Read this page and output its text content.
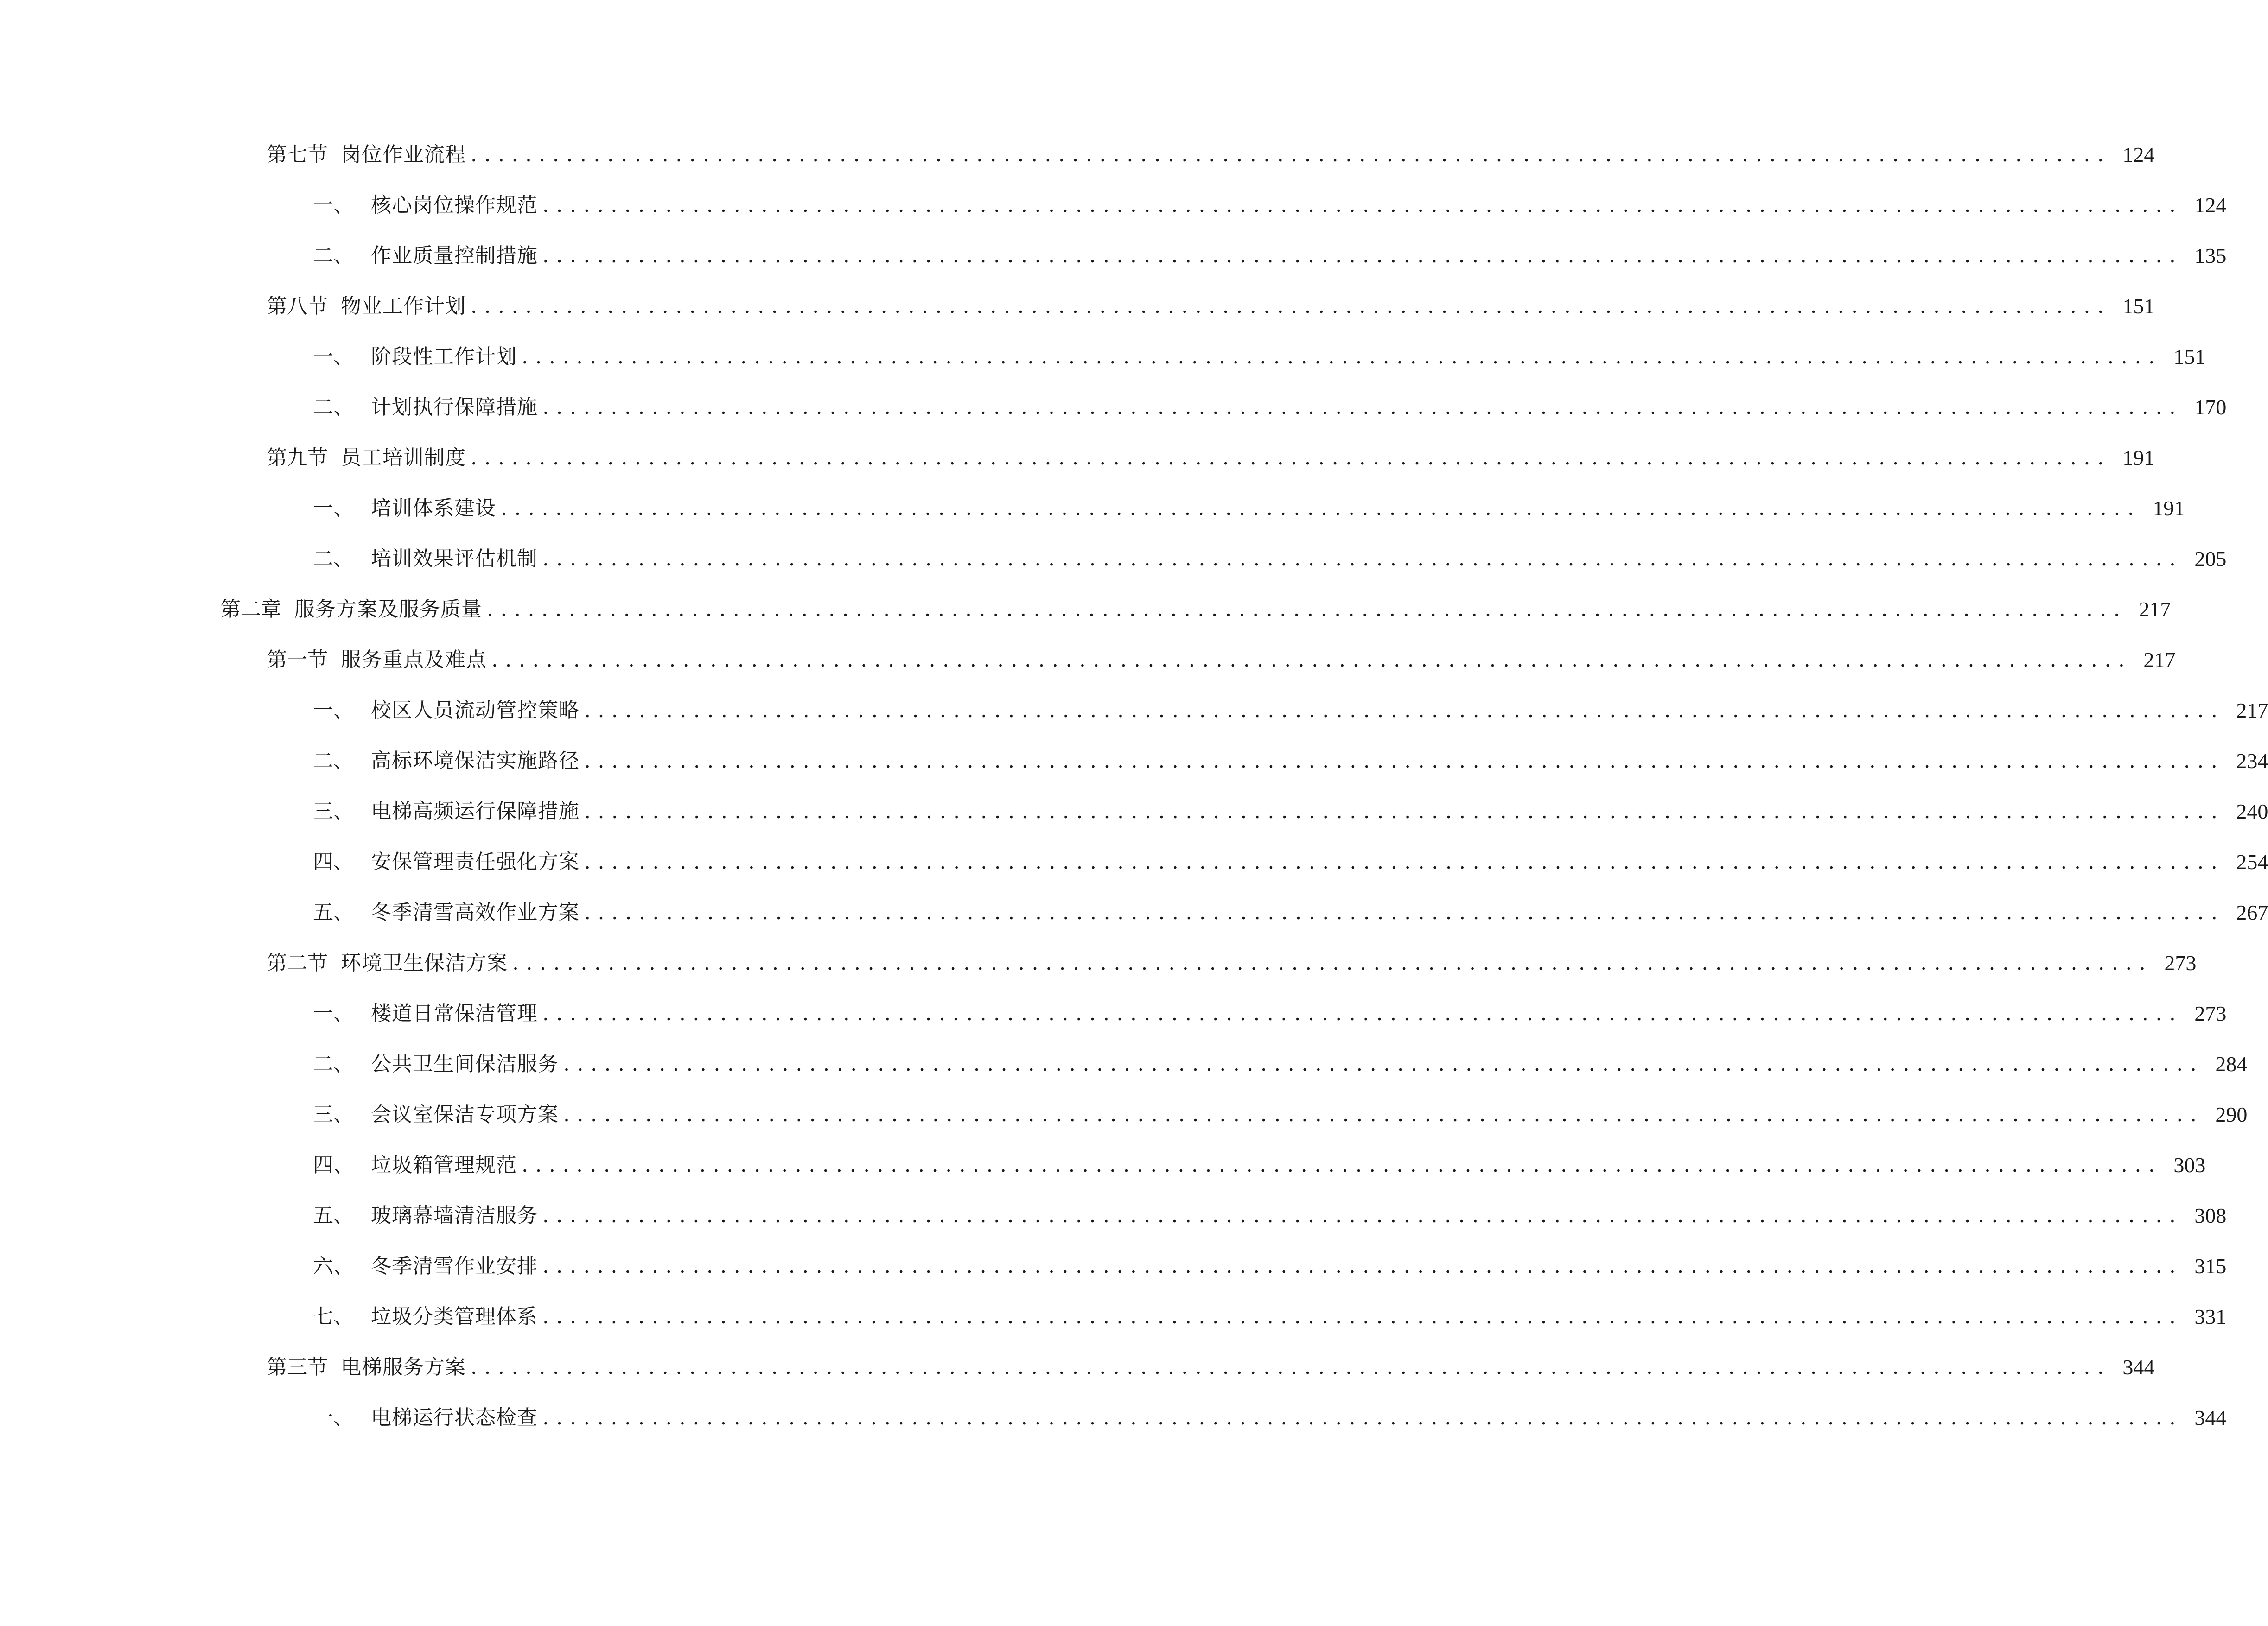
第七节 岗位作业流程 ........................................................................................................................ 124
一、 核心岗位操作规范 ........................................................................................................................ 124
二、 作业质量控制措施 ........................................................................................................................ 135
第八节 物业工作计划 ........................................................................................................................ 151
一、 阶段性工作计划 ........................................................................................................................ 151
二、 计划执行保障措施 ........................................................................................................................ 170
第九节 员工培训制度 ........................................................................................................................ 191
一、 培训体系建设 ........................................................................................................................ 191
二、 培训效果评估机制 ........................................................................................................................ 205
第二章 服务方案及服务质量 ........................................................................................................................ 217
第一节 服务重点及难点 ........................................................................................................................ 217
一、 校区人员流动管控策略 ........................................................................................................................ 217
二、 高标环境保洁实施路径 ........................................................................................................................ 234
三、 电梯高频运行保障措施 ........................................................................................................................ 240
四、 安保管理责任强化方案 ........................................................................................................................ 254
五、 冬季清雪高效作业方案 ........................................................................................................................ 267
第二节 环境卫生保洁方案 ........................................................................................................................ 273
一、 楼道日常保洁管理 ........................................................................................................................ 273
二、 公共卫生间保洁服务 ........................................................................................................................ 284
三、 会议室保洁专项方案 ........................................................................................................................ 290
四、 垃圾箱管理规范 ........................................................................................................................ 303
五、 玻璃幕墙清洁服务 ........................................................................................................................ 308
六、 冬季清雪作业安排 ........................................................................................................................ 315
七、 垃圾分类管理体系 ........................................................................................................................ 331
第三节 电梯服务方案 ........................................................................................................................ 344
一、 电梯运行状态检查 ........................................................................................................................ 344
